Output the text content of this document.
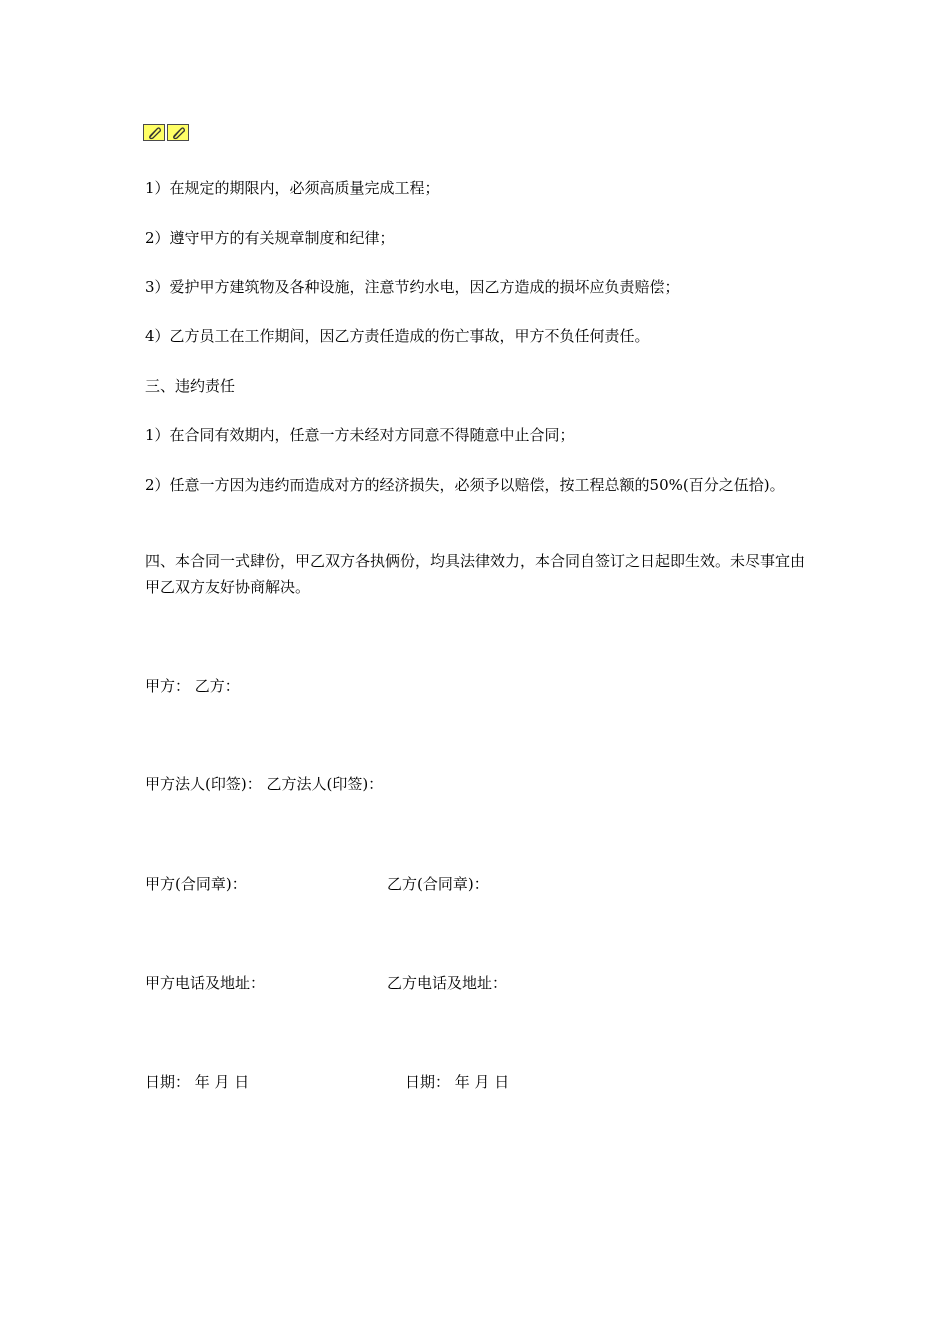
1）在规定的期限内，必须高质量完成工程；
2）遵守甲方的有关规章制度和纪律；
3）爱护甲方建筑物及各种设施，注意节约水电，因乙方造成的损坏应负责赔偿；
4）乙方员工在工作期间，因乙方责任造成的伤亡事故，甲方不负任何责任。
三、违约责任
1）在合同有效期内，任意一方未经对方同意不得随意中止合同；
2）任意一方因为违约而造成对方的经济损失，必须予以赔偿，按工程总额的50%(百分之伍拾)。
四、本合同一式肆份，甲乙双方各执俩份，均具法律效力，本合同自签订之日起即生效。未尽事宜由甲乙双方友好协商解决。
甲方： 乙方：
甲方法人(印签)： 乙方法人(印签)：
甲方(合同章)：	乙方(合同章)：
甲方电话及地址：	乙方电话及地址：
日期： 年 月 日	日期： 年 月 日
